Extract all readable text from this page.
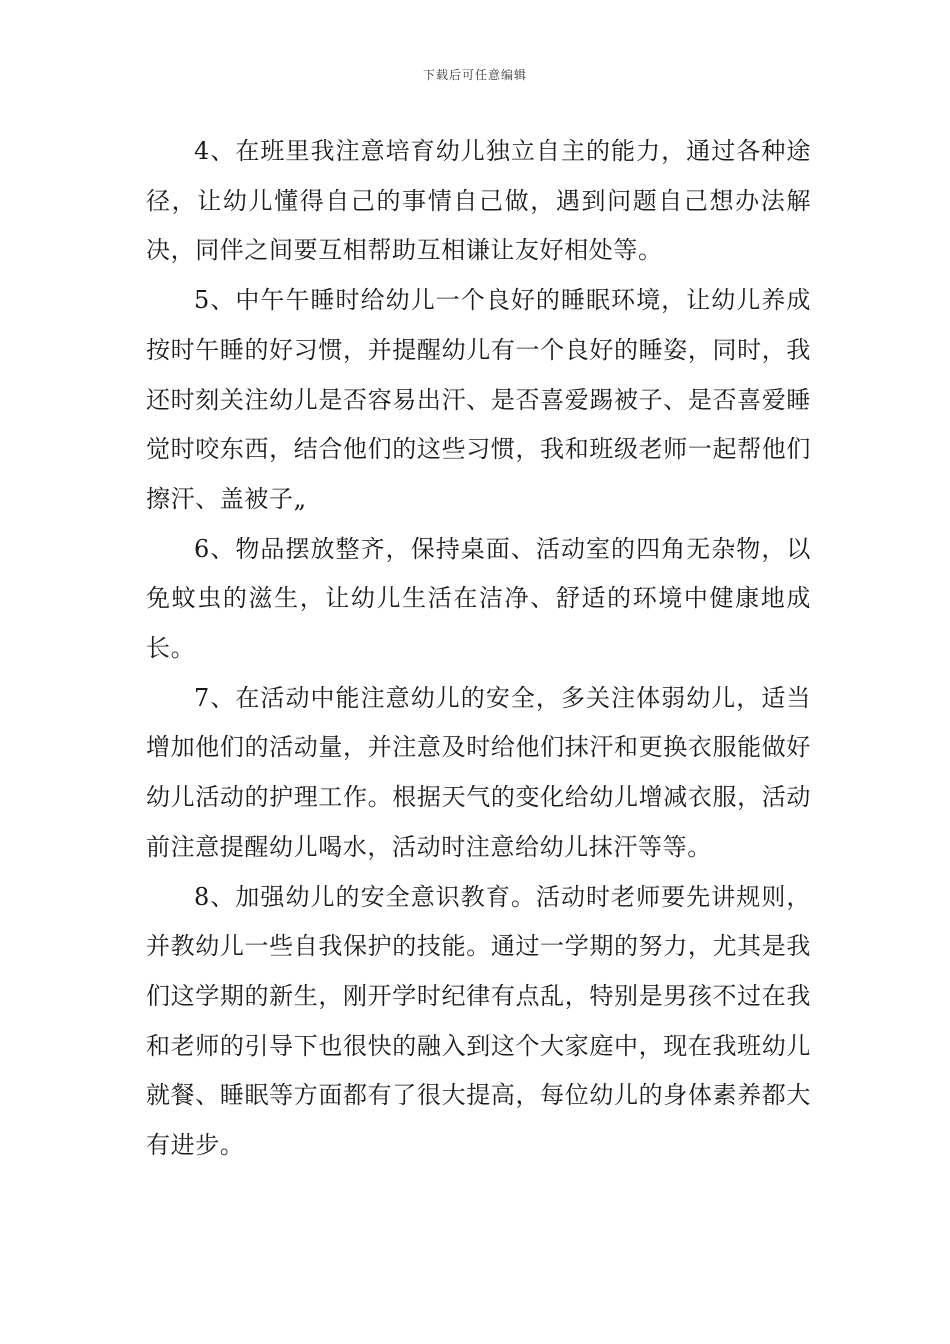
下载后可任意编辑

4、在班里我注意培育幼儿独立自主的能力，通过各种途径，让幼儿懂得自己的事情自己做，遇到问题自己想办法解决，同伴之间要互相帮助互相谦让友好相处等。

5、中午午睡时给幼儿一个良好的睡眠环境，让幼儿养成按时午睡的好习惯，并提醒幼儿有一个良好的睡姿，同时，我还时刻关注幼儿是否容易出汗、是否喜爱踢被子、是否喜爱睡觉时咬东西，结合他们的这些习惯，我和班级老师一起帮他们擦汗、盖被子„

6、物品摆放整齐，保持桌面、活动室的四角无杂物，以免蚊虫的滋生，让幼儿生活在洁净、舒适的环境中健康地成长。

7、在活动中能注意幼儿的安全，多关注体弱幼儿，适当增加他们的活动量，并注意及时给他们抹汗和更换衣服能做好幼儿活动的护理工作。根据天气的变化给幼儿增减衣服，活动前注意提醒幼儿喝水，活动时注意给幼儿抹汗等等。

8、加强幼儿的安全意识教育。活动时老师要先讲规则，并教幼儿一些自我保护的技能。通过一学期的努力，尤其是我们这学期的新生，刚开学时纪律有点乱，特别是男孩不过在我和老师的引导下也很快的融入到这个大家庭中，现在我班幼儿就餐、睡眠等方面都有了很大提高，每位幼儿的身体素养都大有进步。
